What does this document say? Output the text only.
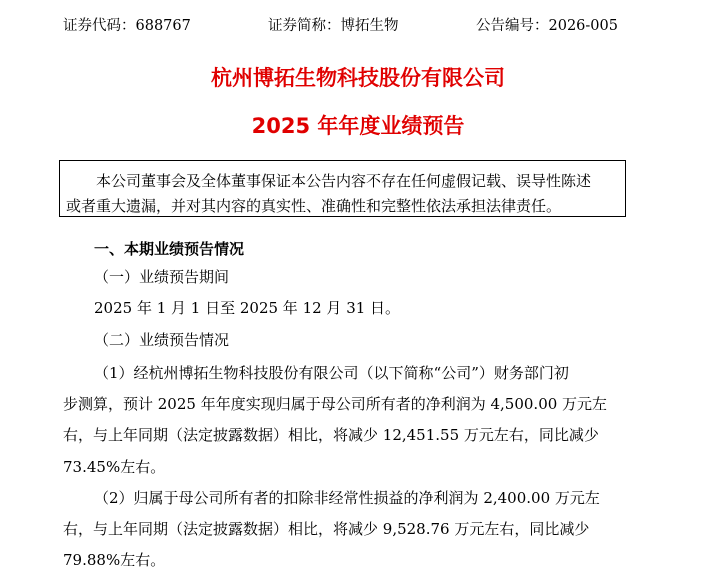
证券代码：688767	证券简称：博拓生物	公告编号：2026-005
杭州博拓生物科技股份有限公司
2025 年年度业绩预告
本公司董事会及全体董事保证本公告内容不存在任何虚假记载、误导性陈述
或者重大遗漏，并对其内容的真实性、准确性和完整性依法承担法律责任。
一、本期业绩预告情况
（一）业绩预告期间
2025 年 1 月 1 日至 2025 年 12 月 31 日。
（二）业绩预告情况
（1）经杭州博拓生物科技股份有限公司（以下简称“公司”）财务部门初
步测算，预计 2025 年年度实现归属于母公司所有者的净利润为 4,500.00 万元左
右，与上年同期（法定披露数据）相比，将减少 12,451.55 万元左右，同比减少
73.45%左右。
（2）归属于母公司所有者的扣除非经常性损益的净利润为 2,400.00 万元左
右，与上年同期（法定披露数据）相比，将减少 9,528.76 万元左右，同比减少
79.88%左右。
